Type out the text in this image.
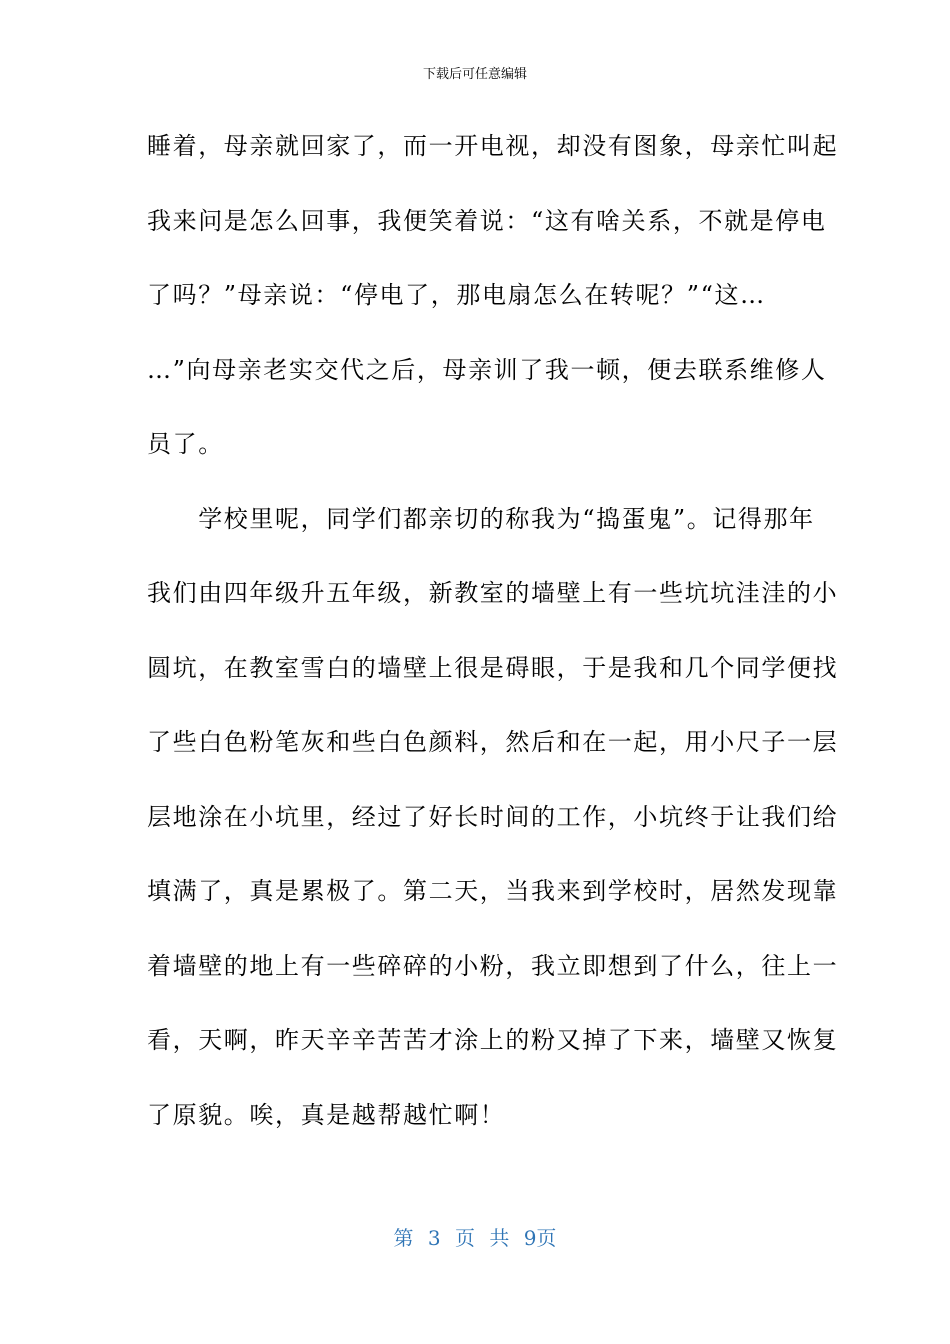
下载后可任意编辑
睡着，母亲就回家了，而一开电视，却没有图象，母亲忙叫起
我来问是怎么回事，我便笑着说：“这有啥关系，不就是停电
了吗？”母亲说：“停电了，那电扇怎么在转呢？”“这…
…”向母亲老实交代之后，母亲训了我一顿，便去联系维修人
员了。
　　学校里呢，同学们都亲切的称我为“捣蛋鬼”。记得那年
我们由四年级升五年级，新教室的墙壁上有一些坑坑洼洼的小
圆坑，在教室雪白的墙壁上很是碍眼，于是我和几个同学便找
了些白色粉笔灰和些白色颜料，然后和在一起，用小尺子一层
层地涂在小坑里，经过了好长时间的工作，小坑终于让我们给
填满了，真是累极了。第二天，当我来到学校时，居然发现靠
着墙壁的地上有一些碎碎的小粉，我立即想到了什么，往上一
看，天啊，昨天辛辛苦苦才涂上的粉又掉了下来，墙壁又恢复
了原貌。唉，真是越帮越忙啊！
第 3 页 共 9页
